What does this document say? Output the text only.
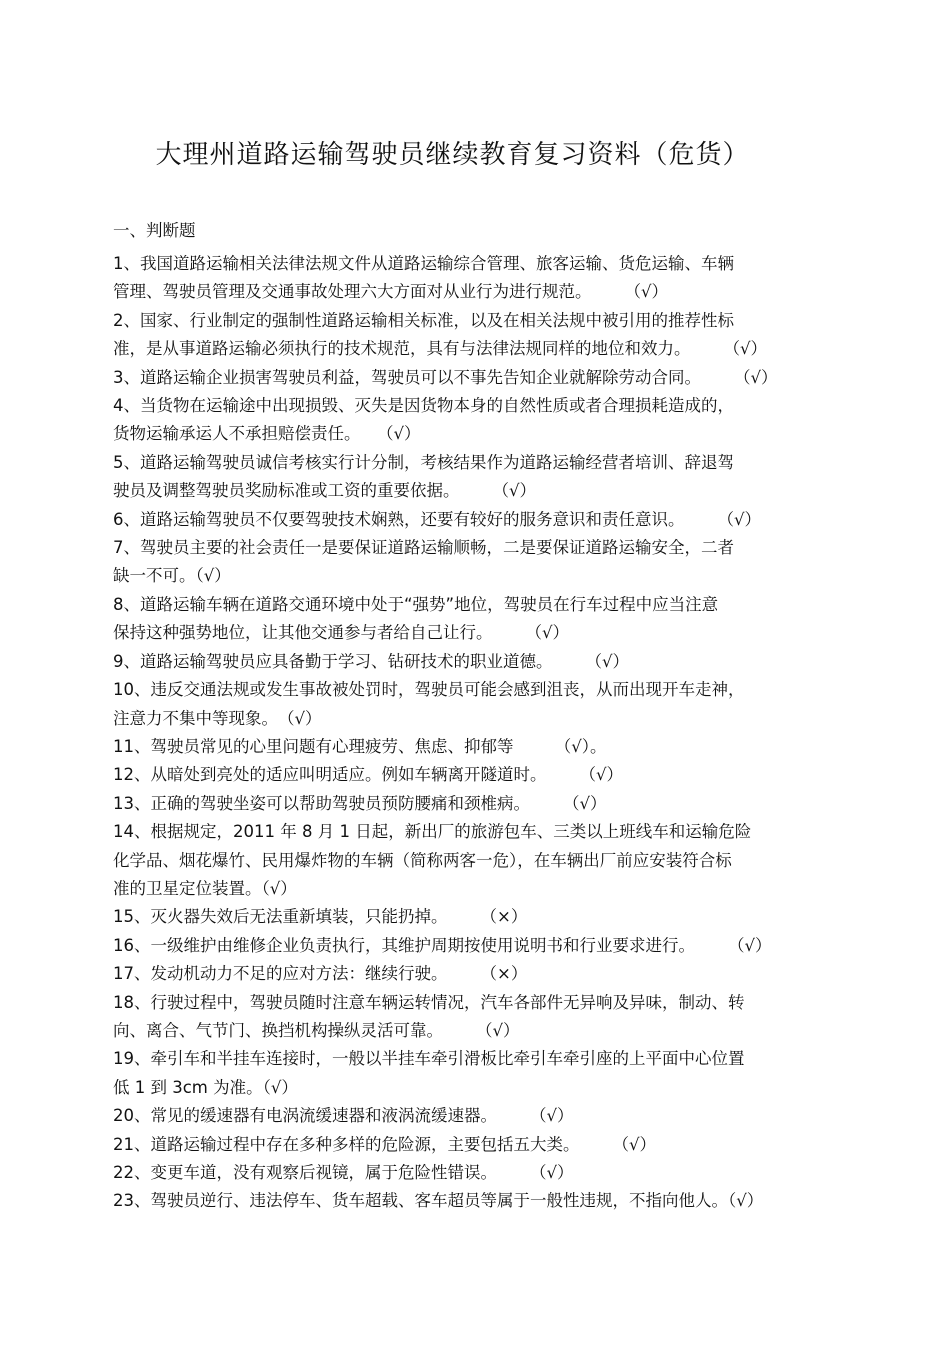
大理州道路运输驾驶员继续教育复习资料（危货）
一、判断题
1、我国道路运输相关法律法规文件从道路运输综合管理、旅客运输、货危运输、车辆
管理、驾驶员管理及交通事故处理六大方面对从业行为进行规范。　　　	（√）
2、国家、行业制定的强制性道路运输相关标准，以及在相关法规中被引用的推荐性标
准，是从事道路运输必须执行的技术规范，具有与法律法规同样的地位和效力。　　　	（√）
3、道路运输企业损害驾驶员利益，驾驶员可以不事先告知企业就解除劳动合同。　　　	（√）
4、当货物在运输途中出现损毁、灭失是因货物本身的自然性质或者合理损耗造成的，
货物运输承运人不承担赔偿责任。　　 （√）
5、道路运输驾驶员诚信考核实行计分制，考核结果作为道路运输经营者培训、辞退驾
驶员及调整驾驶员奖励标准或工资的重要依据。　　　	（√）
6、道路运输驾驶员不仅要驾驶技术娴熟，还要有较好的服务意识和责任意识。　　　	（√）
7、驾驶员主要的社会责任一是要保证道路运输顺畅，二是要保证道路运输安全，二者
缺一不可。（√）
8、道路运输车辆在道路交通环境中处于“强势”地位，驾驶员在行车过程中应当注意
保持这种强势地位，让其他交通参与者给自己让行。　　　	（√）
9、道路运输驾驶员应具备勤于学习、钻研技术的职业道德。　　　	（√）
10、违反交通法规或发生事故被处罚时，驾驶员可能会感到沮丧，从而出现开车走神，
注意力不集中等现象。　 （√）
11、驾驶员常见的心里问题有心理疲劳、焦虑、抑郁等　　　	（√）。
12、从暗处到亮处的适应叫明适应。例如车辆离开隧道时。　　　	（√）
13、正确的驾驶坐姿可以帮助驾驶员预防腰痛和颈椎病。　　　	（√）
14、根据规定，2011 年 8 月 1 日起，新出厂的旅游包车、三类以上班线车和运输危险
化学品、烟花爆竹、民用爆炸物的车辆（简称两客一危），在车辆出厂前应安装符合标
准的卫星定位装置。（√）
15、灭火器失效后无法重新填装，只能扔掉。　　　	（×）
16、一级维护由维修企业负责执行，其维护周期按使用说明书和行业要求进行。　　　	（√）
17、发动机动力不足的应对方法：继续行驶。　　　	（×）
18、行驶过程中，驾驶员随时注意车辆运转情况，汽车各部件无异响及异味，制动、转
向、离合、气节门、换挡机构操纵灵活可靠。　　　	（√）
19、牵引车和半挂车连接时，一般以半挂车牵引滑板比牵引车牵引座的上平面中心位置
低 1 到 3cm 为准。（√）
20、常见的缓速器有电涡流缓速器和液涡流缓速器。　　　	（√）
21、道路运输过程中存在多种多样的危险源，主要包括五大类。　　　	（√）
22、变更车道，没有观察后视镜，属于危险性错误。　　　	（√）
23、驾驶员逆行、违法停车、货车超载、客车超员等属于一般性违规，不指向他人。（√）
